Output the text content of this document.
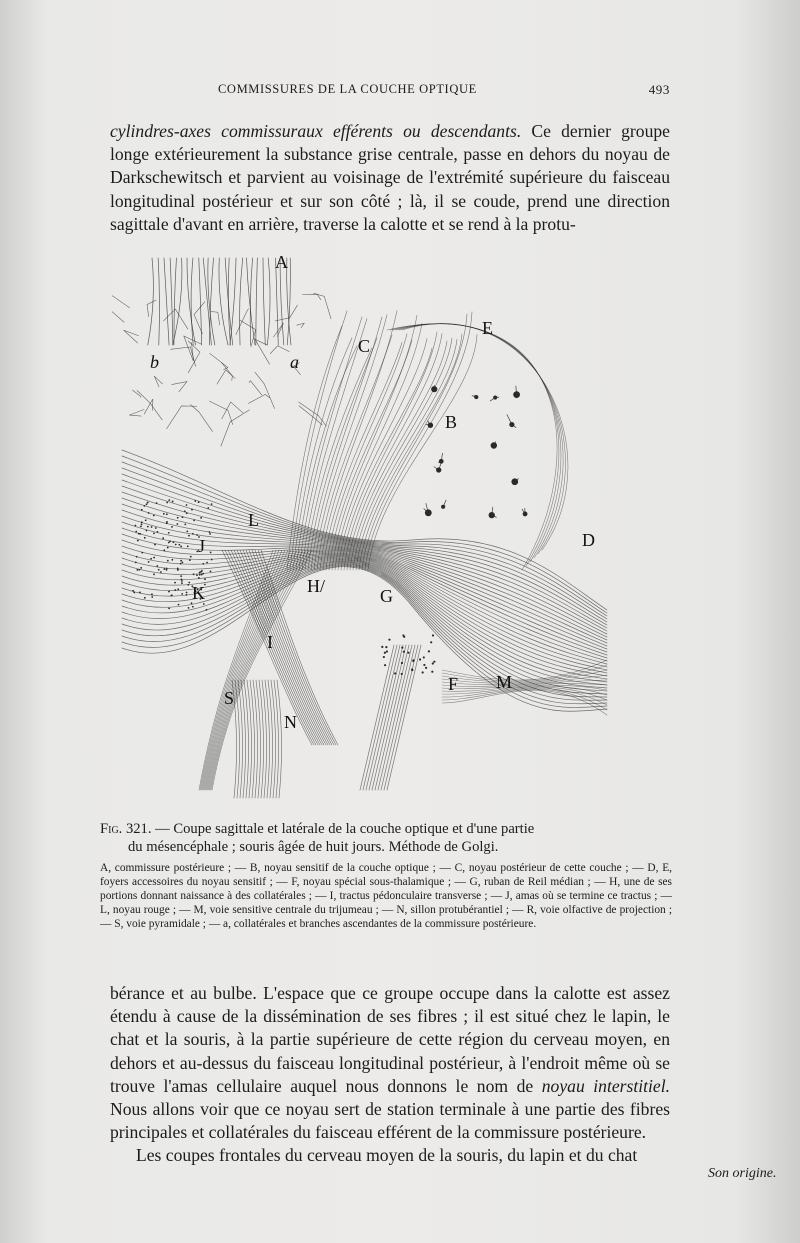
COMMISSURES DE LA COUCHE OPTIQUE	493

cylindres-axes commissuraux efférents ou descendants. Ce dernier groupe longe extérieurement la substance grise centrale, passe en dehors du noyau de Darkschewitsch et parvient au voisinage de l'extrémité supérieure du faisceau longitudinal postérieur et sur son côté ; là, il se coude, prend une direction sagittale d'avant en arrière, traverse la calotte et se rend à la protu-

A
a
b
C
E
B
D
L
J
K	H/	G
I
S
N
F M
Fig. 321. — Coupe sagittale et latérale de la couche optique et d'une partie
du mésencéphale ; souris âgée de huit jours. Méthode de Golgi.
A, commissure postérieure ; — B, noyau sensitif de la couche optique ; — C, noyau postérieur de cette couche ; — D, E, foyers accessoires du noyau sensitif ; — F, noyau spécial sous-thalamique ; — G, ruban de Reil médian ; — H, une de ses portions donnant naissance à des collatérales ; — I, tractus pédonculaire transverse ; — J, amas où se termine ce tractus ; — L, noyau rouge ; — M, voie sensitive centrale du trijumeau ; — N, sillon protubérantiel ; — R, voie olfactive de projection ; — S, voie pyramidale ; — a, collatérales et branches ascendantes de la commissure postérieure.

bérance et au bulbe. L'espace que ce groupe occupe dans la calotte est assez étendu à cause de la dissémination de ses fibres ; il est situé chez le lapin, le chat et la souris, à la partie supérieure de cette région du cerveau moyen, en dehors et au-dessus du faisceau longitudinal postérieur, à l'endroit même où se trouve l'amas cellulaire auquel nous donnons le nom de noyau interstitiel. Nous allons voir que ce noyau sert de station terminale à une partie des fibres principales et collatérales du faisceau efférent de la commissure postérieure.

Les coupes frontales du cerveau moyen de la souris, du lapin et du chat

Son origine.
